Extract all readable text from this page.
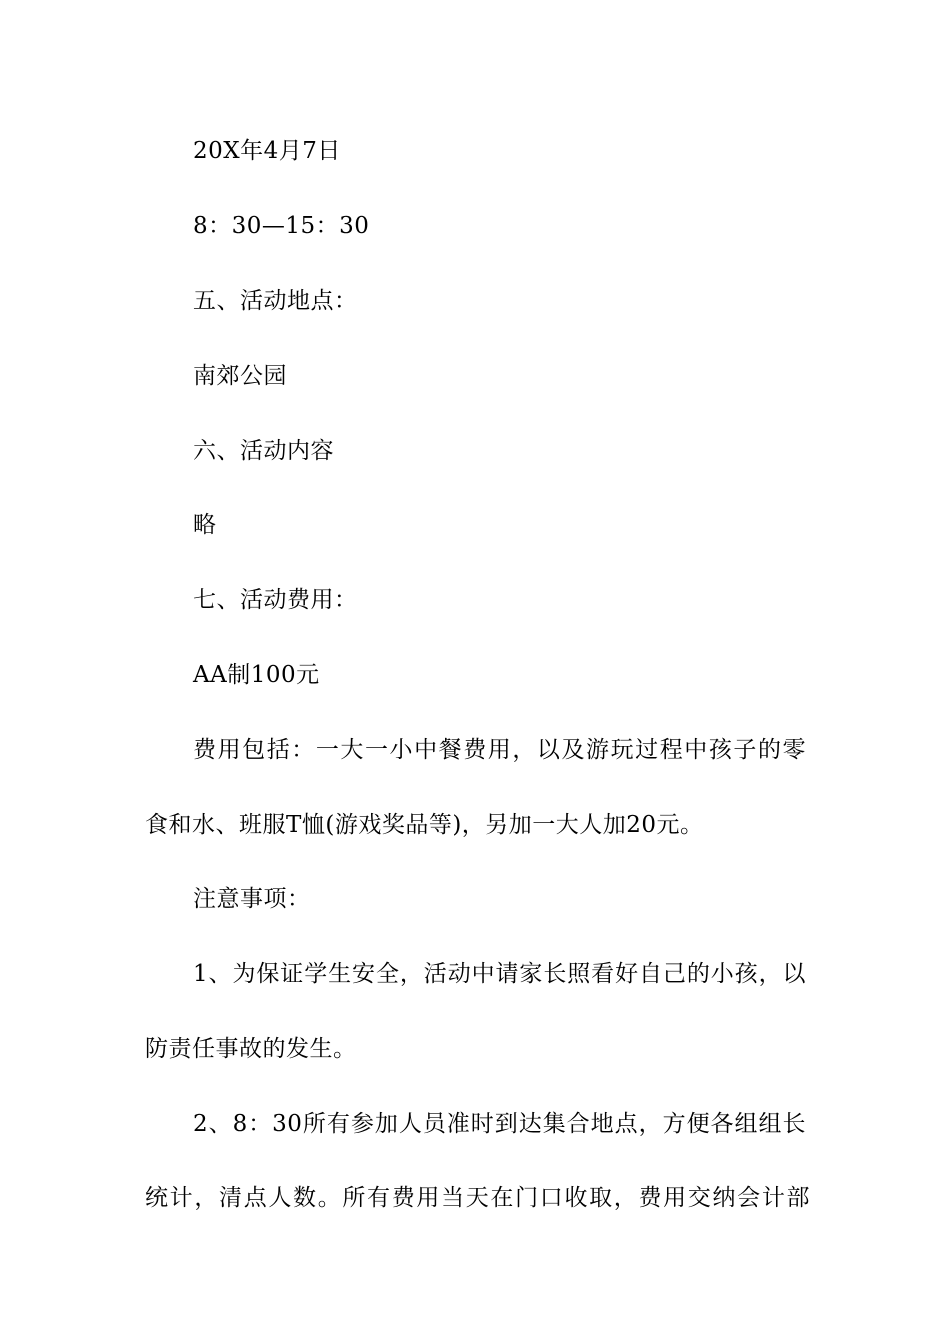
20X年4月7日
8：30—15：30
五、活动地点：
南郊公园
六、活动内容
略
七、活动费用：
AA制100元
费用包括：一大一小中餐费用，以及游玩过程中孩子的零
食和水、班服T恤(游戏奖品等)，另加一大人加20元。
注意事项：
1、为保证学生安全，活动中请家长照看好自己的小孩，以
防责任事故的发生。
2、8：30所有参加人员准时到达集合地点，方便各组组长
统计，清点人数。所有费用当天在门口收取，费用交纳会计部
